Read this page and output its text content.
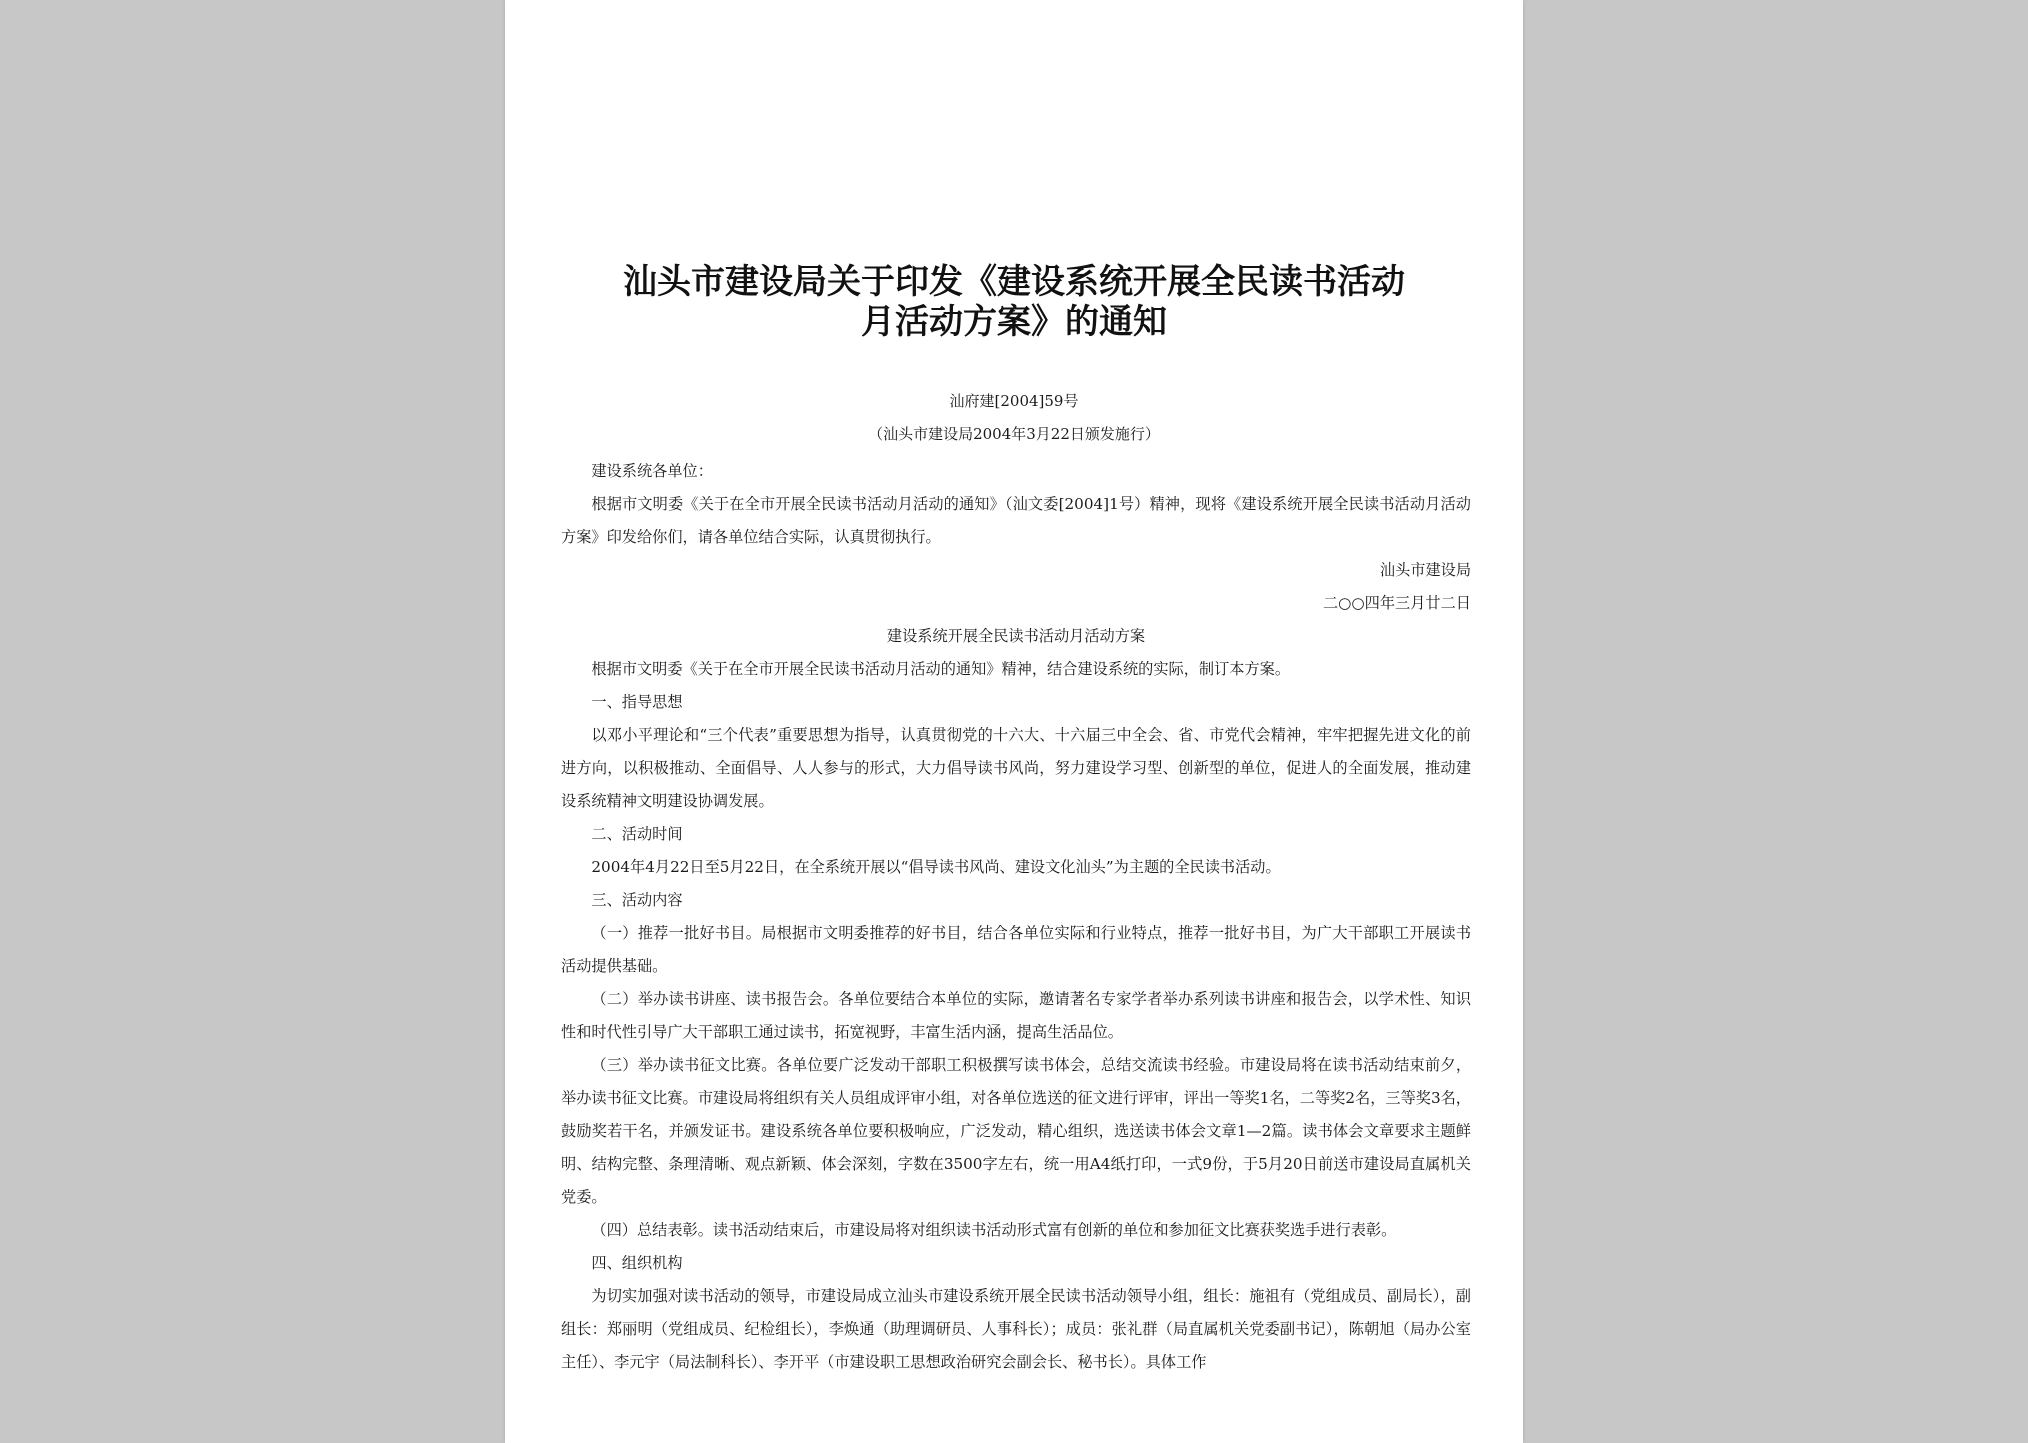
汕头市建设局关于印发《建设系统开展全民读书活动
月活动方案》的通知
汕府建[2004]59号
（汕头市建设局2004年3月22日颁发施行）

建设系统各单位：

根据市文明委《关于在全市开展全民读书活动月活动的通知》（汕文委[2004]1号）精神，现将《建设系统开展全民读书活动月活动方案》印发给你们，请各单位结合实际，认真贯彻执行。

汕头市建设局

二○○四年三月廿二日

建设系统开展全民读书活动月活动方案

根据市文明委《关于在全市开展全民读书活动月活动的通知》精神，结合建设系统的实际，制订本方案。

一、指导思想

以邓小平理论和“三个代表”重要思想为指导，认真贯彻党的十六大、十六届三中全会、省、市党代会精神，牢牢把握先进文化的前进方向，以积极推动、全面倡导、人人参与的形式，大力倡导读书风尚，努力建设学习型、创新型的单位，促进人的全面发展，推动建设系统精神文明建设协调发展。

二、活动时间

2004年4月22日至5月22日，在全系统开展以“倡导读书风尚、建设文化汕头”为主题的全民读书活动。

三、活动内容

（一）推荐一批好书目。局根据市文明委推荐的好书目，结合各单位实际和行业特点，推荐一批好书目，为广大干部职工开展读书活动提供基础。

（二）举办读书讲座、读书报告会。各单位要结合本单位的实际，邀请著名专家学者举办系列读书讲座和报告会，以学术性、知识性和时代性引导广大干部职工通过读书，拓宽视野，丰富生活内涵，提高生活品位。

（三）举办读书征文比赛。各单位要广泛发动干部职工积极撰写读书体会，总结交流读书经验。市建设局将在读书活动结束前夕，举办读书征文比赛。市建设局将组织有关人员组成评审小组，对各单位选送的征文进行评审，评出一等奖1名，二等奖2名，三等奖3名，鼓励奖若干名，并颁发证书。建设系统各单位要积极响应，广泛发动，精心组织，选送读书体会文章1—2篇。读书体会文章要求主题鲜明、结构完整、条理清晰、观点新颖、体会深刻，字数在3500字左右，统一用A4纸打印，一式9份，于5月20日前送市建设局直属机关党委。

（四）总结表彰。读书活动结束后，市建设局将对组织读书活动形式富有创新的单位和参加征文比赛获奖选手进行表彰。

四、组织机构

为切实加强对读书活动的领导，市建设局成立汕头市建设系统开展全民读书活动领导小组，组长：施祖有（党组成员、副局长），副组长：郑丽明（党组成员、纪检组长），李焕通（助理调研员、人事科长）；成员：张礼群（局直属机关党委副书记），陈朝旭（局办公室主任）、李元宇（局法制科长）、李开平（市建设职工思想政治研究会副会长、秘书长）。具体工作
